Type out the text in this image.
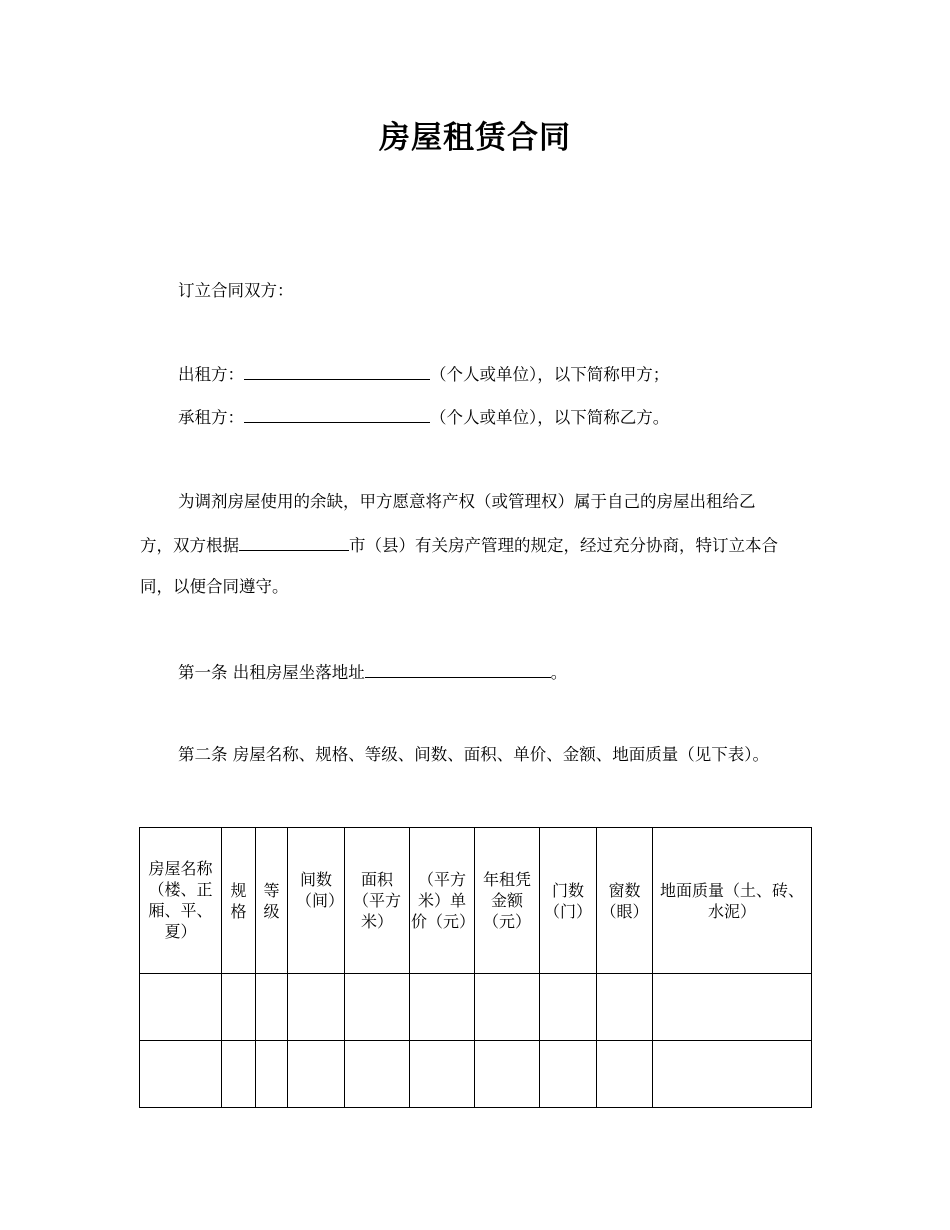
房屋租赁合同
订立合同双方：
出租方：	（个人或单位），以下简称甲方；
承租方：	（个人或单位），以下简称乙方。
为调剂房屋使用的余缺，甲方愿意将产权（或管理权）属于自己的房屋出租给乙
方，双方根据	市（县）有关房产管理的规定，经过充分协商，特订立本合
同，以便合同遵守。
第一条 出租房屋坐落地址	。
第二条 房屋名称、规格、等级、间数、面积、单价、金额、地面质量（见下表）。
房屋名称（楼、正厢、平、夏）	规格	等级	间数（间）	面积（平方米）	（平方米）单价（元）	年租凭金额（元）	门数（门）	窗数（眼）	地面质量（土、砖、水泥）
